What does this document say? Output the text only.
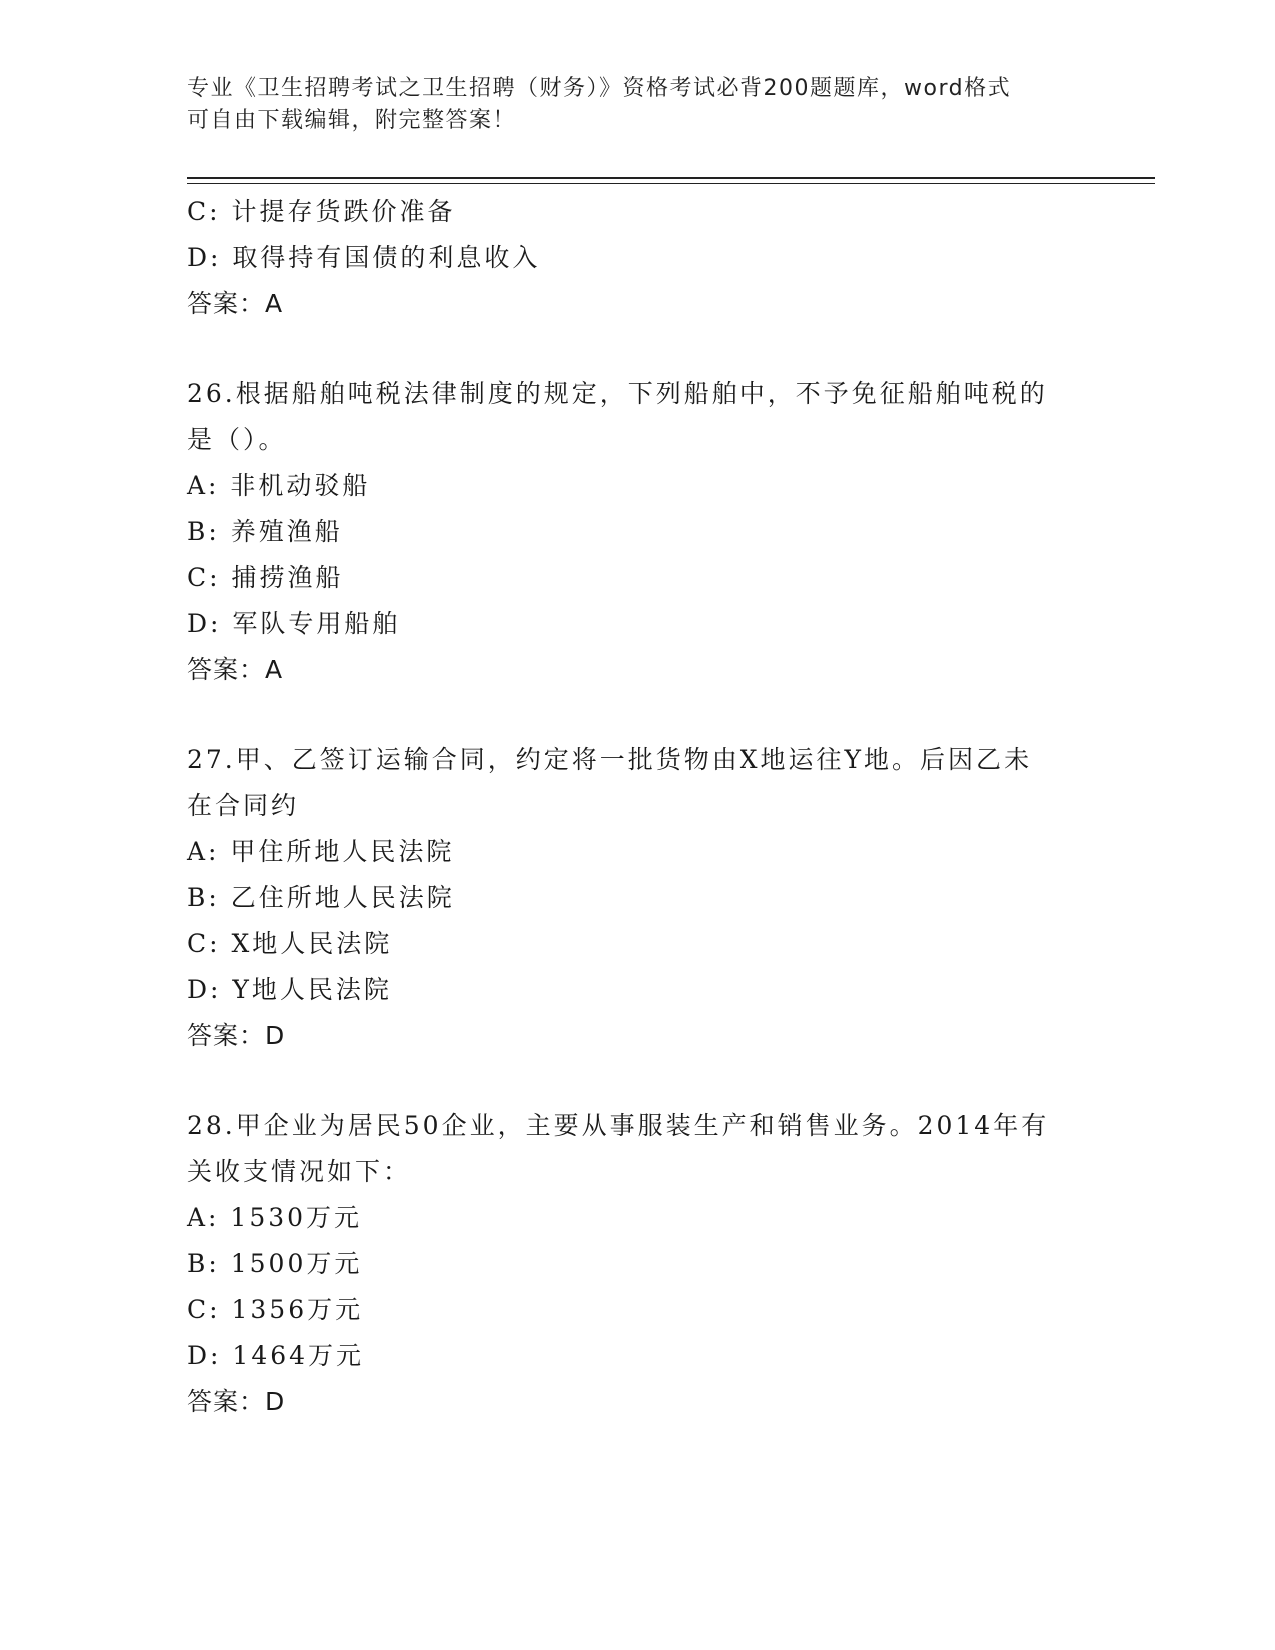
专业《卫生招聘考试之卫生招聘（财务）》资格考试必背200题题库，word格式
可自由下载编辑，附完整答案！
C: 计提存货跌价准备
D: 取得持有国债的利息收入
答案：A
26.根据船舶吨税法律制度的规定，下列船舶中，不予免征船舶吨税的
是（）。
A: 非机动驳船
B: 养殖渔船
C: 捕捞渔船
D: 军队专用船舶
答案：A
27.甲、乙签订运输合同，约定将一批货物由X地运往Y地。后因乙未
在合同约
A: 甲住所地人民法院
B: 乙住所地人民法院
C: X地人民法院
D: Y地人民法院
答案：D
28.甲企业为居民50企业，主要从事服装生产和销售业务。2014年有
关收支情况如下：
A: 1530万元
B: 1500万元
C: 1356万元
D: 1464万元
答案：D
